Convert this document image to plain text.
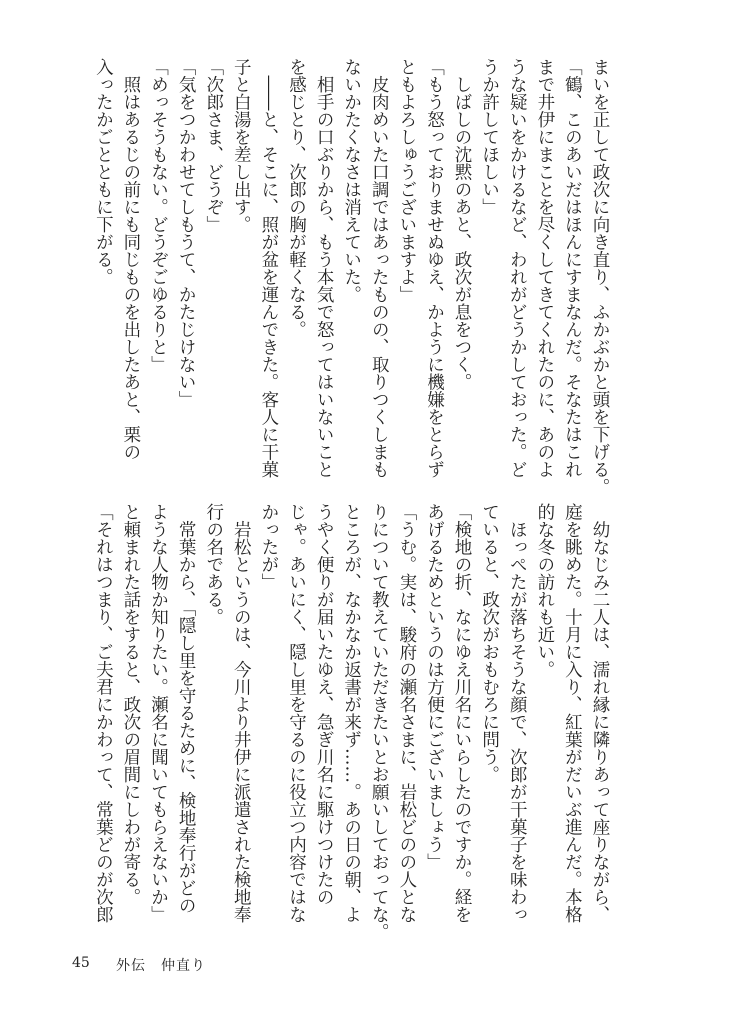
まいを正して政次に向き直り、ふかぶかと頭を下げる。
「鶴、このあいだはほんにすまなんだ。そなたはこれ
まで井伊にまことを尽くしてきてくれたのに、あのよ
うな疑いをかけるなど、われがどうかしておった。ど
うか許してほしい」
　しばしの沈黙のあと、政次が息をつく。
「もう怒っておりませぬゆえ、かように機嫌をとらず
ともよろしゅうございますよ」
　皮肉めいた口調ではあったものの、取りつくしまも
ないかたくなさは消えていた。
　相手の口ぶりから、もう本気で怒ってはいないこと
を感じとり、次郎の胸が軽くなる。
　――と、そこに、照が盆を運んできた。客人に干菓
子と白湯を差し出す。
「次郎さま、どうぞ」
「気をつかわせてしもうて、かたじけない」
「めっそうもない。どうぞごゆるりと」
　照はあるじの前にも同じものを出したあと、栗の
入ったかごとともに下がる。
　幼なじみ二人は、濡れ縁に隣りあって座りながら、
庭を眺めた。十月に入り、紅葉がだいぶ進んだ。本格
的な冬の訪れも近い。
　ほっぺたが落ちそうな顔で、次郎が干菓子を味わっ
ていると、政次がおもむろに問う。
「検地の折、なにゆえ川名にいらしたのですか。経を
あげるためというのは方便にございましょう」
「うむ。実は、駿府の瀬名さまに、岩松どのの人とな
りについて教えていただきたいとお願いしておってな。
ところが、なかなか返書が来ず……。あの日の朝、よ
うやく便りが届いたゆえ、急ぎ川名に駆けつけたの
じゃ。あいにく、隠し里を守るのに役立つ内容ではな
かったが」
　岩松というのは、今川より井伊に派遣された検地奉
行の名である。
　常葉から、「隠し里を守るために、検地奉行がどの
ような人物か知りたい。瀬名に聞いてもらえないか」
と頼まれた話をすると、政次の眉間にしわが寄る。
「それはつまり、ご夫君にかわって、常葉どのが次郎
45 外伝　仲直り
